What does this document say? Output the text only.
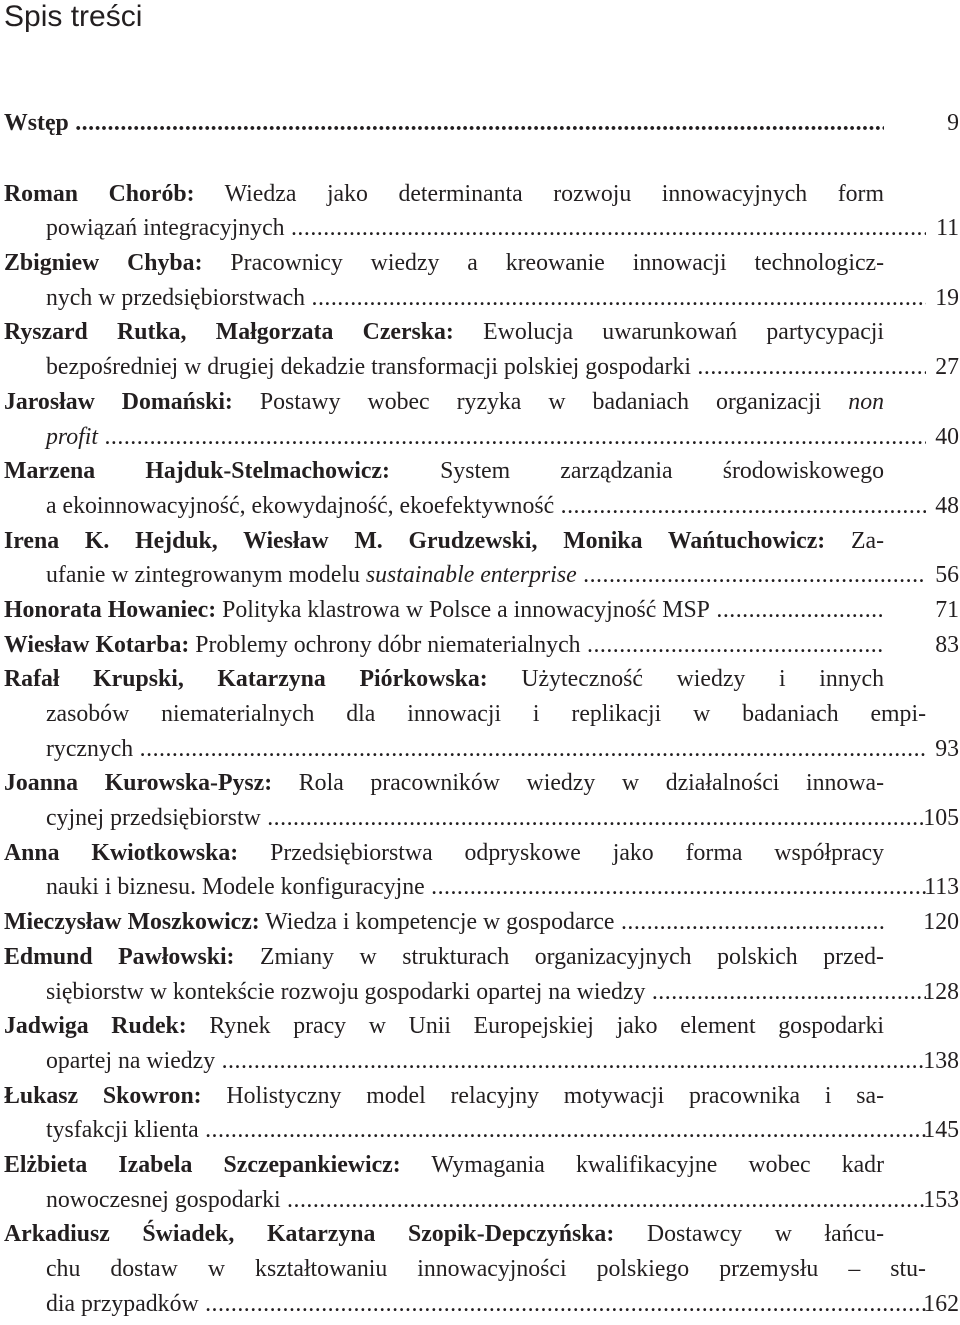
Spis treści
Wstęp .....	9
Roman Chorób: Wiedza jako determinanta rozwoju innowacyjnych form
powiązań integracyjnych .....	11
Zbigniew Chyba: Pracownicy wiedzy a kreowanie innowacji technologicz-
nych w przedsiębiorstwach .....	19
Ryszard Rutka, Małgorzata Czerska: Ewolucja uwarunkowań partycypacji
bezpośredniej w drugiej dekadzie transformacji polskiej gospodarki .....	27
Jarosław Domański: Postawy wobec ryzyka w badaniach organizacji non
profit .....	40
Marzena Hajduk-Stelmachowicz: System zarządzania środowiskowego
a ekoinnowacyjność, ekowydajność, ekoefektywność .....	48
Irena K. Hejduk, Wiesław M. Grudzewski, Monika Wańtuchowicz: Za-
ufanie w zintegrowanym modelu sustainable enterprise .....	56
Honorata Howaniec: Polityka klastrowa w Polsce a innowacyjność MSP .....	71
Wiesław Kotarba: Problemy ochrony dóbr niematerialnych .....	83
Rafał Krupski, Katarzyna Piórkowska: Użyteczność wiedzy i innych
zasobów niematerialnych dla innowacji i replikacji w badaniach empi-
rycznych .....	93
Joanna Kurowska-Pysz: Rola pracowników wiedzy w działalności innowa-
cyjnej przedsiębiorstw .....	105
Anna Kwiotkowska: Przedsiębiorstwa odpryskowe jako forma współpracy
nauki i biznesu. Modele konfiguracyjne .....	113
Mieczysław Moszkowicz: Wiedza i kompetencje w gospodarce .....	120
Edmund Pawłowski: Zmiany w strukturach organizacyjnych polskich przed-
siębiorstw w kontekście rozwoju gospodarki opartej na wiedzy .....	128
Jadwiga Rudek: Rynek pracy w Unii Europejskiej jako element gospodarki
opartej na wiedzy .....	138
Łukasz Skowron: Holistyczny model relacyjny motywacji pracownika i sa-
tysfakcji klienta .....	145
Elżbieta Izabela Szczepankiewicz: Wymagania kwalifikacyjne wobec kadr
nowoczesnej gospodarki .....	153
Arkadiusz Świadek, Katarzyna Szopik-Depczyńska: Dostawcy w łańcu-
chu dostaw w kształtowaniu innowacyjności polskiego przemysłu – stu-
dia przypadków .....	162
